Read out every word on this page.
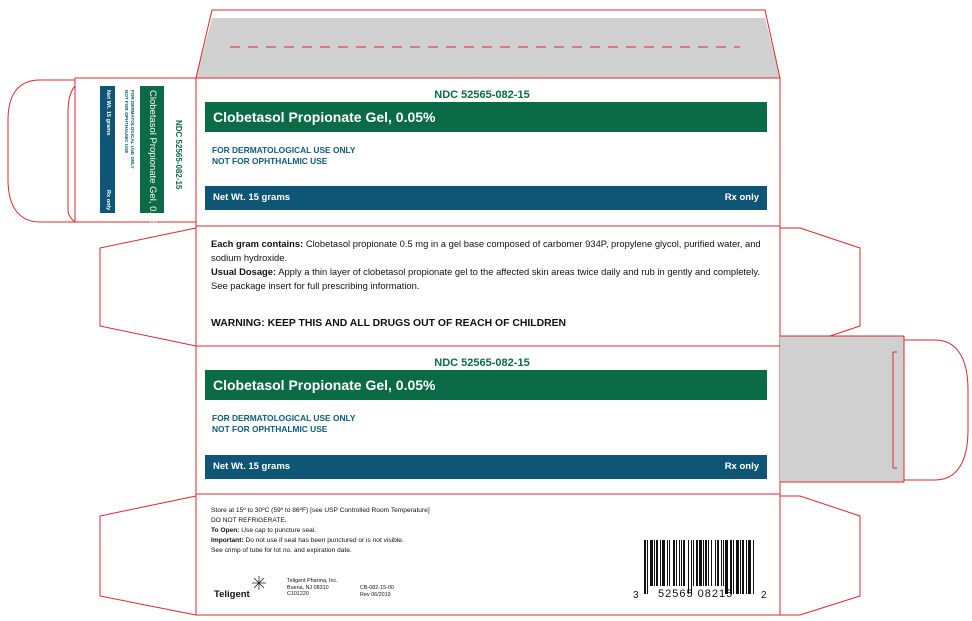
NDC 52565-082-15
Clobetasol Propionate Gel, 0.05%
FOR DERMATOLOGICAL USE ONLY
NOT FOR OPHTHALMIC USE
Net Wt. 15 grams	Rx only
Each gram contains: Clobetasol propionate 0.5 mg in a gel base composed of carbomer 934P, propylene glycol, purified water, and sodium hydroxide.
Usual Dosage: Apply a thin layer of clobetasol propionate gel to the affected skin areas twice daily and rub in gently and completely.
See package insert for full prescribing information.
WARNING: KEEP THIS AND ALL DRUGS OUT OF REACH OF CHILDREN
NDC 52565-082-15
Clobetasol Propionate Gel, 0.05%
FOR DERMATOLOGICAL USE ONLY
NOT FOR OPHTHALMIC USE
Net Wt. 15 grams	Rx only
Store at 15º to 30ºC (59º to 86ºF) [see USP Controlled Room Temperature]
DO NOT REFRIGERATE.
To Open: Use cap to puncture seal.
Important: Do not use if seal has been punctured or is not visible.
See crimp of tube for lot no. and expiration date.
Teligent
Teligent Pharma, Inc.
Buena, NJ 08310
C101220
CB-082-15-00
Rev 06/2019	3 52565 08215	2
NDC 52565-082-15
Clobetasol Propionate Gel, 0.05%
FOR DERMATOLOGICAL USE ONLY
NOT FOR OPHTHALMIC USE
Net Wt. 15 grams
Rx only
